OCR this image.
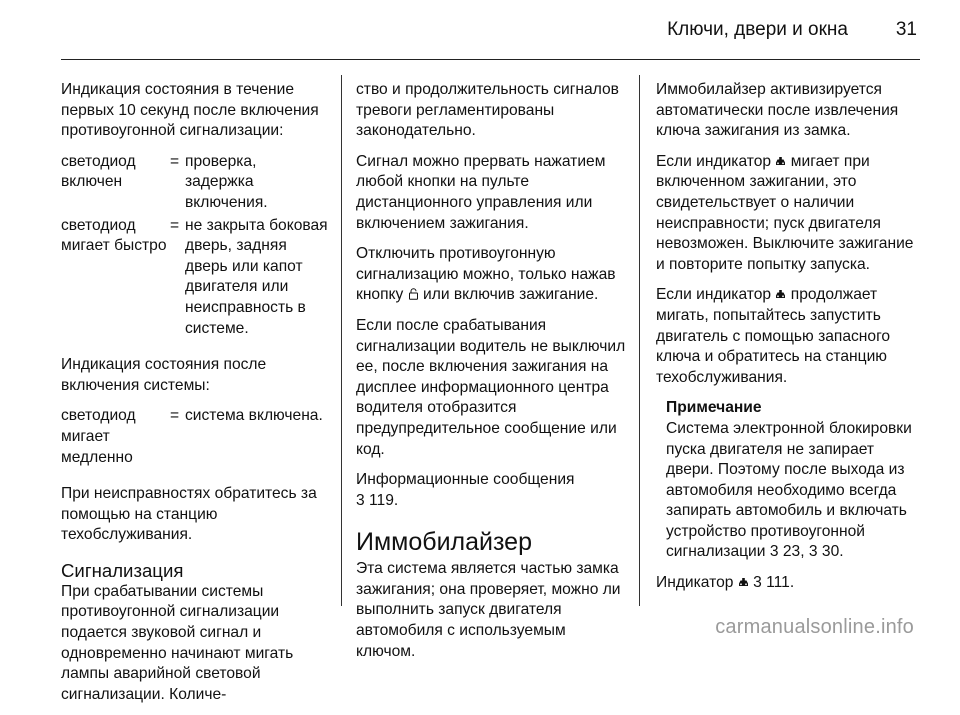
Ключи, двери и окна	31

Индикация состояния в течение первых 10 секунд после включения противоугонной сигнализации:

светодиод включен	=	проверка, задержка включения.
светодиод мигает быстро	=	не закрыта боковая дверь, задняя дверь или капот двигателя или неисправность в системе.

Индикация состояния после включения системы:

светодиод мигает медленно	=	система включена.

При неисправностях обратитесь за помощью на станцию техобслуживания.

Сигнализация

При срабатывании системы противоугонной сигнализации подается звуковой сигнал и одновременно начинают мигать лампы аварийной световой сигнализации. Количе-

ство и продолжительность сигналов тревоги регламентированы законодательно.

Сигнал можно прервать нажатием любой кнопки на пульте дистанционного управления или включением зажигания.

Отключить противоугонную сигнализацию можно, только нажав кнопку или включив зажигание.

Если после срабатывания сигнализации водитель не выключил ее, после включения зажигания на дисплее информационного центра водителя отобразится предупредительное сообщение или код.

Информационные сообщения
3 119.

Иммобилайзер

Эта система является частью замка зажигания; она проверяет, можно ли выполнить запуск двигателя автомобиля с используемым ключом.

Иммобилайзер активизируется автоматически после извлечения ключа зажигания из замка.

Если индикатор мигает при включенном зажигании, это свидетельствует о наличии неисправности; пуск двигателя невозможен. Выключите зажигание и повторите попытку запуска.

Если индикатор продолжает мигать, попытайтесь запустить двигатель с помощью запасного ключа и обратитесь на станцию техобслуживания.

Примечание

Система электронной блокировки пуска двигателя не запирает двери. Поэтому после выхода из автомобиля необходимо всегда запирать автомобиль и включать устройство противоугонной сигнализации 3 23, 3 30.

Индикатор 3 111.

carmanualsonline.info
